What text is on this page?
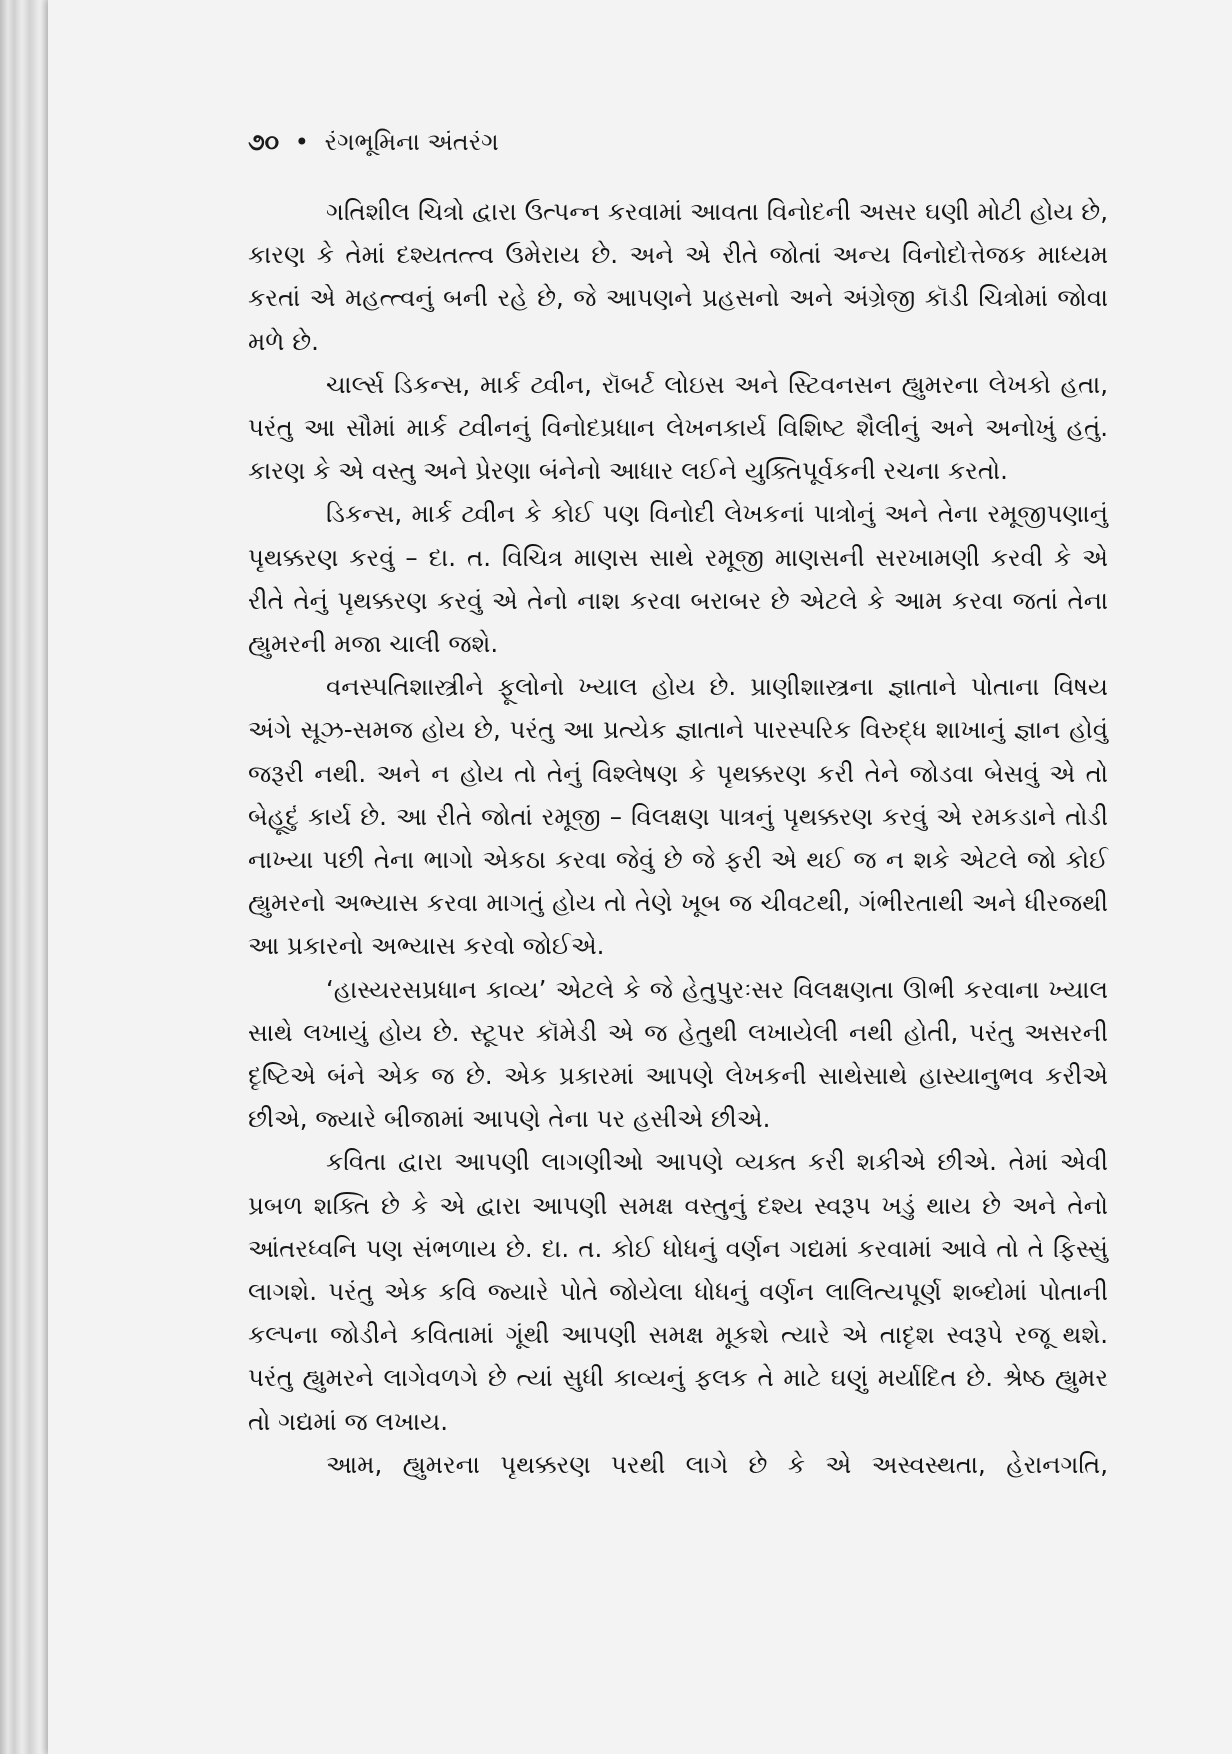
૭૦ • રંગભૂમિના અંતરંગ

ગતિશીલ ચિત્રો દ્વારા ઉત્પન્ન કરવામાં આવતા વિનોદની અસર ઘણી મોટી હોય છે, કારણ કે તેમાં દશ્યતત્ત્વ ઉમેરાય છે. અને એ રીતે જોતાં અન્ય વિનોદોત્તેજક માધ્યમ કરતાં એ મહત્ત્વનું બની રહે છે, જે આપણને પ્રહસનો અને અંગ્રેજી કૉડી ચિત્રોમાં જોવા મળે છે.

ચાર્લ્સ ડિકન્સ, માર્ક ટ્વીન, રૉબર્ટ લોઇસ અને સ્ટિવનસન હ્યુમરના લેખકો હતા, પરંતુ આ સૌમાં માર્ક ટ્વીનનું વિનોદપ્રધાન લેખનકાર્ય વિશિષ્ટ શૈલીનું અને અનોખું હતું. કારણ કે એ વસ્તુ અને પ્રેરણા બંનેનો આધાર લઈને યુક્તિપૂર્વકની રચના કરતો.

ડિકન્સ, માર્ક ટ્વીન કે કોઈ પણ વિનોદી લેખકનાં પાત્રોનું અને તેના રમૂજીપણાનું પૃથક્કરણ કરવું – દા. ત. વિચિત્ર માણસ સાથે રમૂજી માણસની સરખામણી કરવી કે એ રીતે તેનું પૃથક્કરણ કરવું એ તેનો નાશ કરવા બરાબર છે એટલે કે આમ કરવા જતાં તેના હ્યુમરની મજા ચાલી જશે.

વનસ્પતિશાસ્ત્રીને ફૂલોનો ખ્યાલ હોય છે. પ્રાણીશાસ્ત્રના જ્ઞાતાને પોતાના વિષય અંગે સૂઝ-સમજ હોય છે, પરંતુ આ પ્રત્યેક જ્ઞાતાને પારસ્પરિક વિરુદ્ધ શાખાનું જ્ઞાન હોવું જરૂરી નથી. અને ન હોય તો તેનું વિશ્લેષણ કે પૃથક્કરણ કરી તેને જોડવા બેસવું એ તો બેહૂદું કાર્ય છે. આ રીતે જોતાં રમૂજી – વિલક્ષણ પાત્રનું પૃથક્કરણ કરવું એ રમકડાને તોડી નાખ્યા પછી તેના ભાગો એકઠા કરવા જેવું છે જે ફરી એ થઈ જ ન શકે એટલે જો કોઈ હ્યુમરનો અભ્યાસ કરવા માગતું હોય તો તેણે ખૂબ જ ચીવટથી, ગંભીરતાથી અને ધીરજથી આ પ્રકારનો અભ્યાસ કરવો જોઈએ.

‘હાસ્યરસપ્રધાન કાવ્ય’ એટલે કે જે હેતુપુરઃસર વિલક્ષણતા ઊભી કરવાના ખ્યાલ સાથે લખાયું હોય છે. સ્ટૂપર કૉમેડી એ જ હેતુથી લખાયેલી નથી હોતી, પરંતુ અસરની દૃષ્ટિએ બંને એક જ છે. એક પ્રકારમાં આપણે લેખકની સાથેસાથે હાસ્યાનુભવ કરીએ છીએ, જ્યારે બીજામાં આપણે તેના પર હસીએ છીએ.

કવિતા દ્વારા આપણી લાગણીઓ આપણે વ્યક્ત કરી શકીએ છીએ. તેમાં એવી પ્રબળ શક્તિ છે કે એ દ્વારા આપણી સમક્ષ વસ્તુનું દશ્ય સ્વરૂપ ખડું થાય છે અને તેનો આંતરધ્વનિ પણ સંભળાય છે. દા. ત. કોઈ ધોધનું વર્ણન ગદ્યમાં કરવામાં આવે તો તે ફિસ્સું લાગશે. પરંતુ એક કવિ જ્યારે પોતે જોયેલા ધોધનું વર્ણન લાલિત્યપૂર્ણ શબ્દોમાં પોતાની કલ્પના જોડીને કવિતામાં ગૂંથી આપણી સમક્ષ મૂકશે ત્યારે એ તાદૃશ સ્વરૂપે રજૂ થશે. પરંતુ હ્યુમરને લાગેવળગે છે ત્યાં સુધી કાવ્યનું ફલક તે માટે ઘણું મર્યાદિત છે. શ્રેષ્ઠ હ્યુમર તો ગદ્યમાં જ લખાય.

આમ, હ્યુમરના પૃથક્કરણ પરથી લાગે છે કે એ અસ્વસ્થતા, હેરાનગતિ,
